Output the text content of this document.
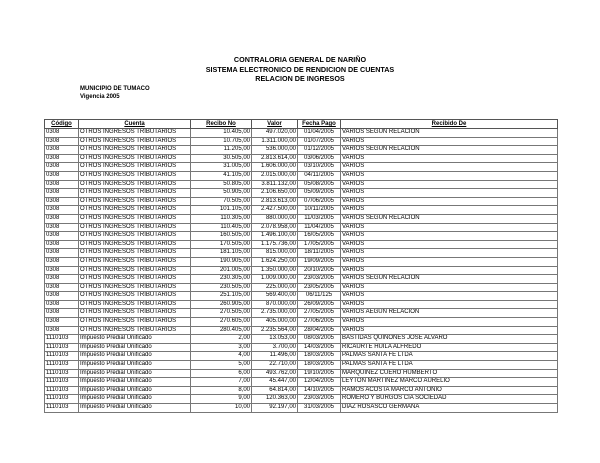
CONTRALORIA GENERAL DE NARIÑO
SISTEMA ELECTRONICO DE RENDICION DE CUENTAS
RELACION DE INGRESOS
MUNICIPIO DE TUMACO
Vigencia 2005
Código	Cuenta	Recibo No	Valor	Fecha Pago	Recibido De
0308	OTROS INGRESOS TRIBUTARIOS	10.405,00	497.020,00	01/04/2005	VARIOS SEGÚN RELACIÓN
0308	OTROS INGRESOS TRIBUTARIOS	10.705,00	1.311.000,00	01/07/2005	VARIOS
0308	OTROS INGRESOS TRIBUTARIOS	11.205,00	536.000,00	01/12/2005	VARIOS SEGUN RELACION
0308	OTROS INGRESOS TRIBUTARIOS	30.505,00	2.813.614,00	03/06/2005	VARIOS
0308	OTROS INGRESOS TRIBUTARIOS	31.005,00	1.606.000,00	03/10/2005	VARIOS
0308	OTROS INGRESOS TRIBUTARIOS	41.105,00	2.015.000,00	04/11/2005	VARIOS
0308	OTROS INGRESOS TRIBUTARIOS	50.805,00	3.811.132,00	05/08/2005	VARIOS
0308	OTROS INGRESOS TRIBUTARIOS	50.905,00	2.106.650,00	05/09/2005	VARIOS
0308	OTROS INGRESOS TRIBUTARIOS	70.505,00	2.813.613,00	07/06/2005	VARIOS
0308	OTROS INGRESOS TRIBUTARIOS	101.105,00	2.427.500,00	10/11/2005	VARIOS
0308	OTROS INGRESOS TRIBUTARIOS	110.305,00	880.000,00	11/03/2005	VARIOS SEGÚN RELACIÓN
0308	OTROS INGRESOS TRIBUTARIOS	110.405,00	2.078.958,00	11/04/2005	VARIOS
0308	OTROS INGRESOS TRIBUTARIOS	160.505,00	1.496.100,00	16/05/2005	VARIOS
0308	OTROS INGRESOS TRIBUTARIOS	170.505,00	1.175.736,00	17/05/2005	VARIOS
0308	OTROS INGRESOS TRIBUTARIOS	181.105,00	815.000,00	18/11/2005	VARIOS
0308	OTROS INGRESOS TRIBUTARIOS	190.905,00	1.624.250,00	19/09/2005	VARIOS
0308	OTROS INGRESOS TRIBUTARIOS	201.005,00	1.350.000,00	20/10/2005	VARIOS
0308	OTROS INGRESOS TRIBUTARIOS	230.305,00	1.009.000,00	23/03/2005	VARIOS SEGUN RELACION
0308	OTROS INGRESOS TRIBUTARIOS	230.505,00	225.000,00	23/05/2005	VARIOS
0308	OTROS INGRESOS TRIBUTARIOS	251.105,00	569.400,00	06/11/125	VARIOS
0308	OTROS INGRESOS TRIBUTARIOS	260.905,00	870.000,00	26/09/2005	VARIOS
0308	OTROS INGRESOS TRIBUTARIOS	270.505,00	2.735.000,00	27/05/2005	VARIOS AEGÚN RELACIÓN
0308	OTROS INGRESOS TRIBUTARIOS	270.605,00	405.000,00	27/06/2005	VARIOS
0308	OTROS INGRESOS TRIBUTARIOS	280.405,00	2.235.564,00	28/04/2005	VARIOS
1110103	Impuesto Predial Unificado	2,00	13.053,00	08/03/2005	BASTIDAS QUIÑONES JOSE ALVARO
1110103	Impuesto Predial Unificado	3,00	3.700,00	14/03/2005	RICAURTE HUILA ALFREDO
1110103	Impuesto Predial Unificado	4,00	11.496,00	18/03/2005	PALMAS SANTA FE LTDA
1110103	Impuesto Predial Unificado	5,00	22.710,00	18/03/2005	PALMAS SANTA FE LTDA
1110103	Impuesto Predial Unificado	6,00	493.762,00	19/10/2005	MARQUINEZ CUERO HUMBERTO
1110103	Impuesto Predial Unificado	7,00	45.447,00	12/04/2005	LEYTON MARTINEZ MARCO AURELIO
1110103	Impuesto Predial Unificado	8,00	64.814,00	14/10/2005	RAMOS ACOSTA MARCO ANTONIO
1110103	Impuesto Predial Unificado	9,00	120.363,00	23/03/2005	ROMERO Y BURGOS CIA SOCIEDAD
1110103	Impuesto Predial Unificado	10,00	92.197,00	31/03/2005	DIAZ ROSASCO GERMANA
